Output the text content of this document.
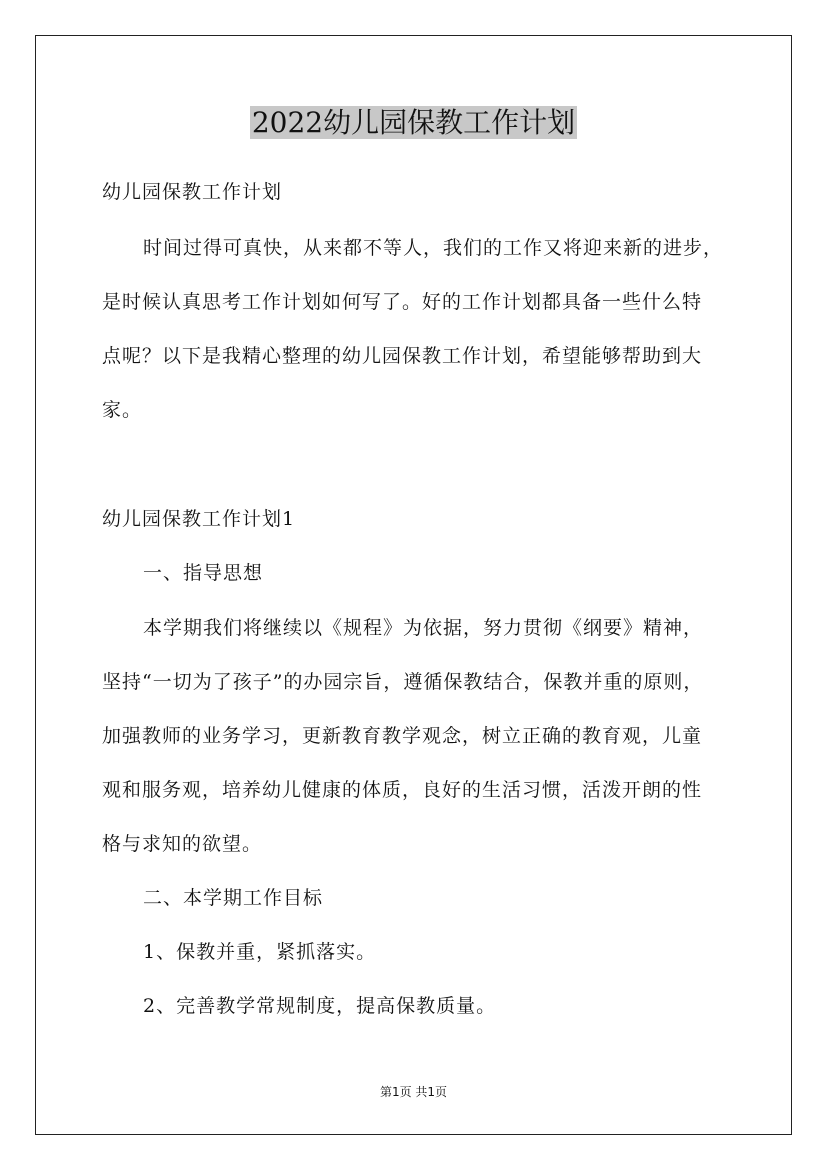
2022幼儿园保教工作计划
幼儿园保教工作计划
时间过得可真快，从来都不等人，我们的工作又将迎来新的进步，
是时候认真思考工作计划如何写了。好的工作计划都具备一些什么特
点呢？以下是我精心整理的幼儿园保教工作计划，希望能够帮助到大
家。
幼儿园保教工作计划1
一、指导思想
本学期我们将继续以《规程》为依据，努力贯彻《纲要》精神，
坚持“一切为了孩子”的办园宗旨，遵循保教结合，保教并重的原则，
加强教师的业务学习，更新教育教学观念，树立正确的教育观，儿童
观和服务观，培养幼儿健康的体质，良好的生活习惯，活泼开朗的性
格与求知的欲望。
二、本学期工作目标
1、保教并重，紧抓落实。
2、完善教学常规制度，提高保教质量。
第1页 共1页
